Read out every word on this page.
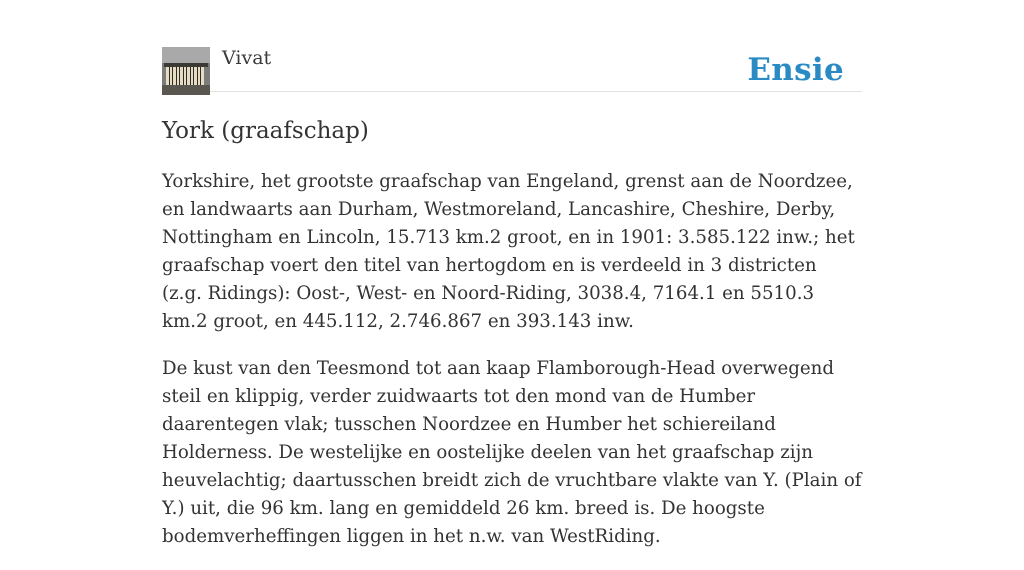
Vivat	Ensie
York (graafschap)

Yorkshire, het grootste graafschap van Engeland, grenst aan de Noordzee, en landwaarts aan Durham, Westmoreland, Lancashire, Cheshire, Derby, Nottingham en Lincoln, 15.713 km.2 groot, en in 1901: 3.585.122 inw.; het graafschap voert den titel van hertogdom en is verdeeld in 3 districten (z.g. Ridings): Oost-, West- en Noord-Riding, 3038.4, 7164.1 en 5510.3 km.2 groot, en 445.112, 2.746.867 en 393.143 inw.

De kust van den Teesmond tot aan kaap Flamborough-Head overwegend steil en klippig, verder zuidwaarts tot den mond van de Humber daarentegen vlak; tusschen Noordzee en Humber het schiereiland Holderness. De westelijke en oostelijke deelen van het graafschap zijn heuvelachtig; daartusschen breidt zich de vruchtbare vlakte van Y. (Plain of Y.) uit, die 96 km. lang en gemiddeld 26 km. breed is. De hoogste bodemverheffingen liggen in het n.w. van WestRiding.
